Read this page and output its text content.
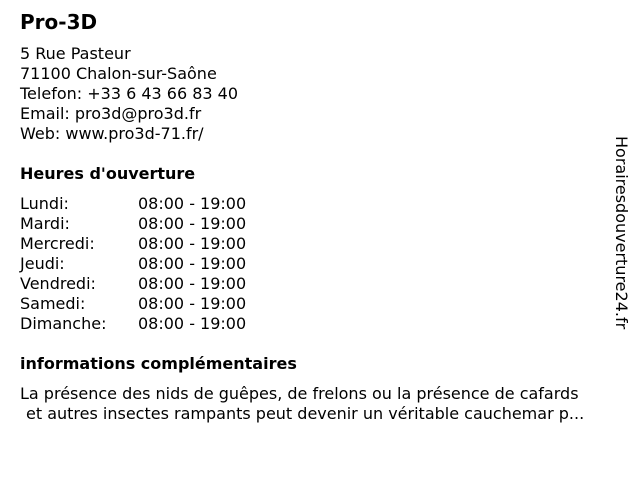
Pro-3D
5 Rue Pasteur
71100 Chalon-sur-Saône
Telefon: +33 6 43 66 83 40
Email: pro3d@pro3d.fr
Web: www.pro3d-71.fr/
Heures d'ouverture
Lundi:	08:00 - 19:00
Mardi:	08:00 - 19:00
Mercredi:	08:00 - 19:00
Jeudi:	08:00 - 19:00
Vendredi:	08:00 - 19:00
Samedi:	08:00 - 19:00
Dimanche:	08:00 - 19:00
informations complémentaires
La présence des nids de guêpes, de frelons ou la présence de cafards
et autres insectes rampants peut devenir un véritable cauchemar p...
Horairesdouverture24.fr
